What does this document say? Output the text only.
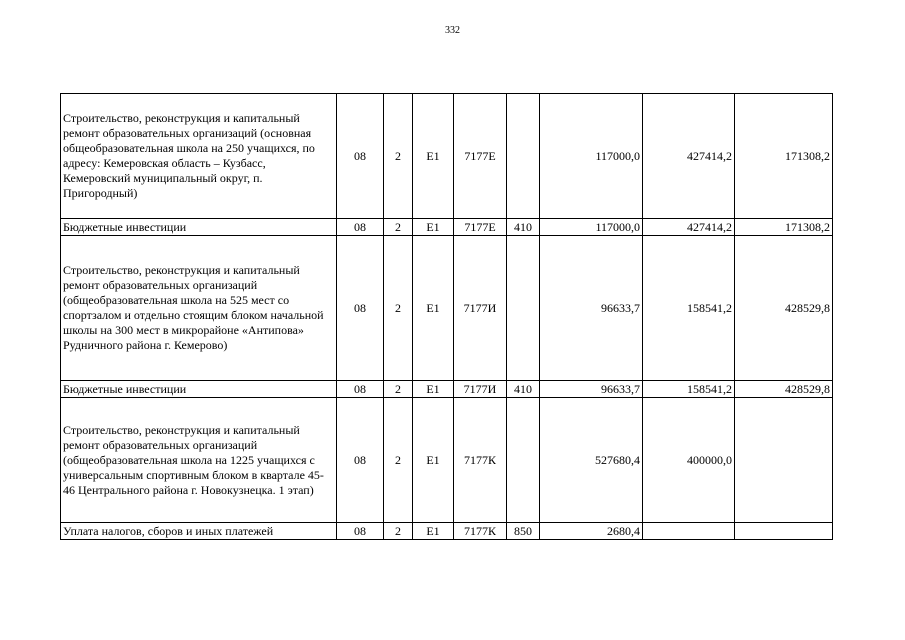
332
Строительство, реконструкция и капитальный ремонт образовательных организаций (основная общеобразовательная школа на 250 учащихся, по адресу: Кемеровская область – Кузбасс, Кемеровский муниципальный округ, п. Пригородный)	08	2	Е1	7177Е		117000,0	427414,2	171308,2
Бюджетные инвестиции	08	2	Е1	7177Е	410	117000,0	427414,2	171308,2
Строительство, реконструкция и капитальный ремонт образовательных организаций (общеобразовательная школа на 525 мест со спортзалом и отдельно стоящим блоком начальной школы на 300 мест в микрорайоне «Антипова» Рудничного района г. Кемерово)	08	2	Е1	7177И		96633,7	158541,2	428529,8
Бюджетные инвестиции	08	2	Е1	7177И	410	96633,7	158541,2	428529,8
Строительство, реконструкция и капитальный ремонт образовательных организаций (общеобразовательная школа на 1225 учащихся с универсальным спортивным блоком в квартале 45-46 Центрального района г. Новокузнецка. 1 этап)	08	2	Е1	7177К		527680,4	400000,0	
Уплата налогов, сборов и иных платежей	08	2	Е1	7177К	850	2680,4		
